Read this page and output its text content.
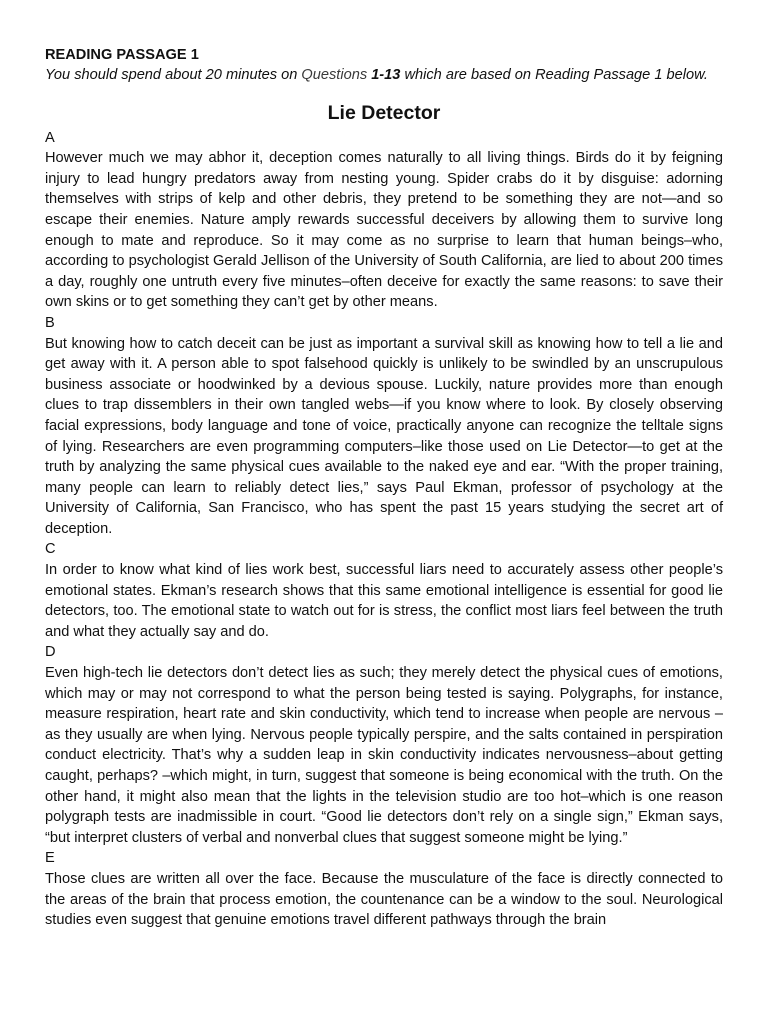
READING PASSAGE 1
You should spend about 20 minutes on Questions 1-13 which are based on Reading Passage 1 below.
Lie Detector
A
However much we may abhor it, deception comes naturally to all living things. Birds do it by feigning injury to lead hungry predators away from nesting young. Spider crabs do it by disguise: adorning themselves with strips of kelp and other debris, they pretend to be something they are not—and so escape their enemies. Nature amply rewards successful deceivers by allowing them to survive long enough to mate and reproduce. So it may come as no surprise to learn that human beings–who, according to psychologist Gerald Jellison of the University of South California, are lied to about 200 times a day, roughly one untruth every five minutes–often deceive for exactly the same reasons: to save their own skins or to get something they can’t get by other means.
B
But knowing how to catch deceit can be just as important a survival skill as knowing how to tell a lie and get away with it. A person able to spot falsehood quickly is unlikely to be swindled by an unscrupulous business associate or hoodwinked by a devious spouse. Luckily, nature provides more than enough clues to trap dissemblers in their own tangled webs—if you know where to look. By closely observing facial expressions, body language and tone of voice, practically anyone can recognize the telltale signs of lying. Researchers are even programming computers–like those used on Lie Detector—to get at the truth by analyzing the same physical cues available to the naked eye and ear. “With the proper training, many people can learn to reliably detect lies,” says Paul Ekman, professor of psychology at the University of California, San Francisco, who has spent the past 15 years studying the secret art of deception.
C
In order to know what kind of lies work best, successful liars need to accurately assess other people’s emotional states. Ekman’s research shows that this same emotional intelligence is essential for good lie detectors, too. The emotional state to watch out for is stress, the conflict most liars feel between the truth and what they actually say and do.
D
Even high-tech lie detectors don’t detect lies as such; they merely detect the physical cues of emotions, which may or may not correspond to what the person being tested is saying. Polygraphs, for instance, measure respiration, heart rate and skin conductivity, which tend to increase when people are nervous – as they usually are when lying. Nervous people typically perspire, and the salts contained in perspiration conduct electricity. That’s why a sudden leap in skin conductivity indicates nervousness–about getting caught, perhaps? –which might, in turn, suggest that someone is being economical with the truth. On the other hand, it might also mean that the lights in the television studio are too hot–which is one reason polygraph tests are inadmissible in court. “Good lie detectors don’t rely on a single sign,” Ekman says, “but interpret clusters of verbal and nonverbal clues that suggest someone might be lying.”
E
Those clues are written all over the face. Because the musculature of the face is directly connected to the areas of the brain that process emotion, the countenance can be a window to the soul. Neurological studies even suggest that genuine emotions travel different pathways through the brain
